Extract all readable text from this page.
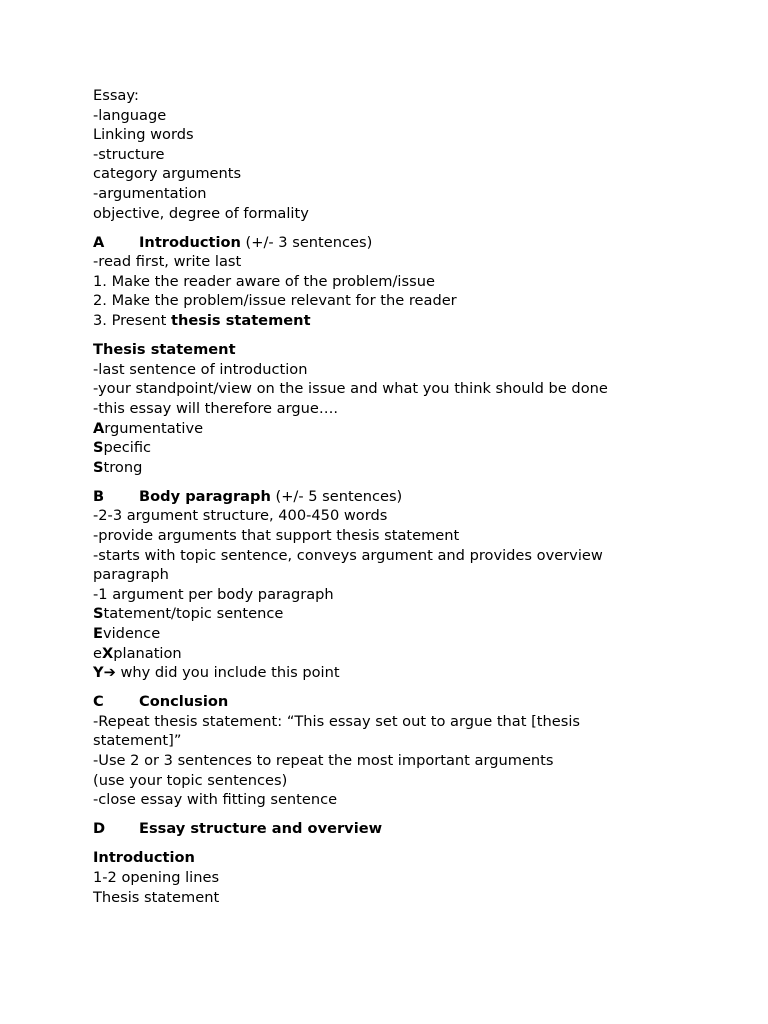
Essay:
-language
Linking words
-structure
category arguments
-argumentation
objective, degree of formality
A Introduction (+/- 3 sentences)
-read first, write last
1. Make the reader aware of the problem/issue
2. Make the problem/issue relevant for the reader
3. Present thesis statement
Thesis statement
-last sentence of introduction
-your standpoint/view on the issue and what you think should be done
-this essay will therefore argue….
Argumentative
Specific
Strong
B Body paragraph (+/- 5 sentences)
-2-3 argument structure, 400-450 words
-provide arguments that support thesis statement
-starts with topic sentence, conveys argument and provides overview
paragraph
-1 argument per body paragraph
Statement/topic sentence
Evidence
eXplanation
Y➔ why did you include this point
C Conclusion
-Repeat thesis statement: “This essay set out to argue that [thesis
statement]”
-Use 2 or 3 sentences to repeat the most important arguments
(use your topic sentences)
-close essay with fitting sentence
D Essay structure and overview
Introduction
1-2 opening lines
Thesis statement
